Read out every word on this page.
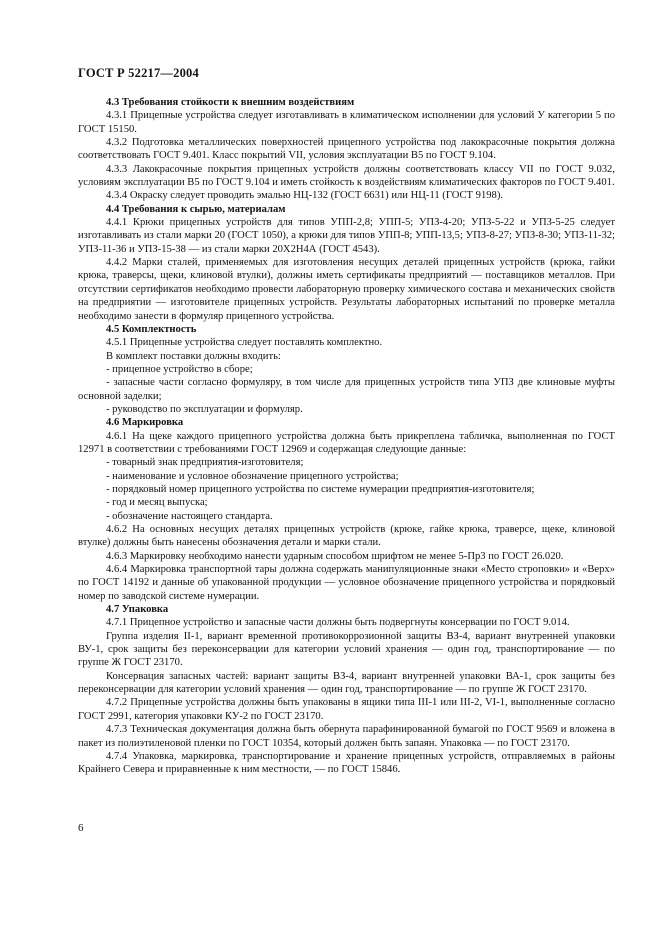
ГОСТ Р 52217—2004

4.3 Требования стойкости к внешним воздействиям

4.3.1 Прицепные устройства следует изготавливать в климатическом исполнении для условий У категории 5 по ГОСТ 15150.

4.3.2 Подготовка металлических поверхностей прицепного устройства под лакокрасочные покрытия должна соответствовать ГОСТ 9.401. Класс покрытий VII, условия эксплуатации В5 по ГОСТ 9.104.

4.3.3 Лакокрасочные покрытия прицепных устройств должны соответствовать классу VII по ГОСТ 9.032, условиям эксплуатации В5 по ГОСТ 9.104 и иметь стойкость к воздействиям климатических факторов по ГОСТ 9.401.

4.3.4 Окраску следует проводить эмалью НЦ-132 (ГОСТ 6631) или НЦ-11 (ГОСТ 9198).

4.4 Требования к сырью, материалам

4.4.1 Крюки прицепных устройств для типов УПП-2,8; УПП-5; УПЗ-4-20; УПЗ-5-22 и УПЗ-5-25 следует изготавливать из стали марки 20 (ГОСТ 1050), а крюки для типов УПП-8; УПП-13,5; УПЗ-8-27; УПЗ-8-30; УПЗ-11-32; УПЗ-11-36 и УПЗ-15-38 — из стали марки 20Х2Н4А (ГОСТ 4543).

4.4.2 Марки сталей, применяемых для изготовления несущих деталей прицепных устройств (крюка, гайки крюка, траверсы, щеки, клиновой втулки), должны иметь сертификаты предприятий — поставщиков металлов. При отсутствии сертификатов необходимо провести лабораторную проверку химического состава и механических свойств на предприятии — изготовителе прицепных устройств. Результаты лабораторных испытаний по проверке металла необходимо занести в формуляр прицепного устройства.

4.5 Комплектность

4.5.1 Прицепные устройства следует поставлять комплектно.

В комплект поставки должны входить:

- прицепное устройство в сборе;

- запасные части согласно формуляру, в том числе для прицепных устройств типа УПЗ две клиновые муфты основной заделки;

- руководство по эксплуатации и формуляр.

4.6 Маркировка

4.6.1 На щеке каждого прицепного устройства должна быть прикреплена табличка, выполненная по ГОСТ 12971 в соответствии с требованиями ГОСТ 12969 и содержащая следующие данные:

- товарный знак предприятия-изготовителя;

- наименование и условное обозначение прицепного устройства;

- порядковый номер прицепного устройства по системе нумерации предприятия-изготовителя;

- год и месяц выпуска;

- обозначение настоящего стандарта.

4.6.2 На основных несущих деталях прицепных устройств (крюке, гайке крюка, траверсе, щеке, клиновой втулке) должны быть нанесены обозначения детали и марки стали.

4.6.3 Маркировку необходимо нанести ударным способом шрифтом не менее 5-Пр3 по ГОСТ 26.020.

4.6.4 Маркировка транспортной тары должна содержать манипуляционные знаки «Место строповки» и «Верх» по ГОСТ 14192 и данные об упакованной продукции — условное обозначение прицепного устройства и порядковый номер по заводской системе нумерации.

4.7 Упаковка

4.7.1 Прицепное устройство и запасные части должны быть подвергнуты консервации по ГОСТ 9.014.

Группа изделия II-1, вариант временной противокоррозионной защиты ВЗ-4, вариант внутренней упаковки ВУ-1, срок защиты без переконсервации для категории условий хранения — один год, транспортирование — по группе Ж ГОСТ 23170.

Консервация запасных частей: вариант защиты ВЗ-4, вариант внутренней упаковки ВА-1, срок защиты без переконсервации для категории условий хранения — один год, транспортирование — по группе Ж ГОСТ 23170.

4.7.2 Прицепные устройства должны быть упакованы в ящики типа III-1 или III-2, VI-1, выполненные согласно ГОСТ 2991, категория упаковки КУ-2 по ГОСТ 23170.

4.7.3 Техническая документация должна быть обернута парафинированной бумагой по ГОСТ 9569 и вложена в пакет из полиэтиленовой пленки по ГОСТ 10354, который должен быть запаян. Упаковка — по ГОСТ 23170.

4.7.4 Упаковка, маркировка, транспортирование и хранение прицепных устройств, отправляемых в районы Крайнего Севера и приравненные к ним местности, — по ГОСТ 15846.

6
